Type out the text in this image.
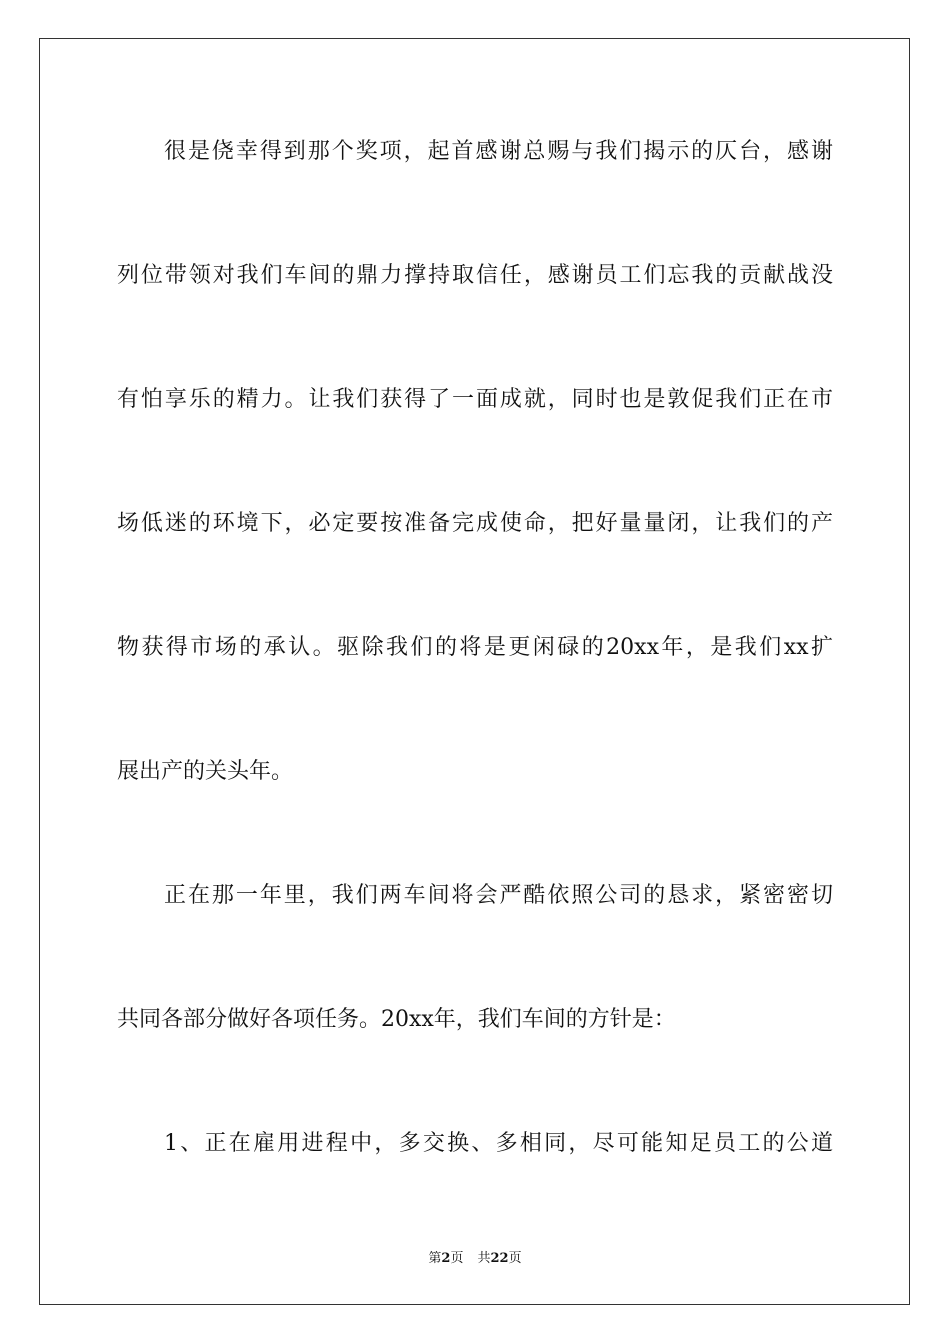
很是侥幸得到那个奖项，起首感谢总赐与我们揭示的仄台，感谢
列位带领对我们车间的鼎力撑持取信任，感谢员工们忘我的贡献战没
有怕享乐的精力。让我们获得了一面成就，同时也是敦促我们正在市
场低迷的环境下，必定要按准备完成使命，把好量量闭，让我们的产
物获得市场的承认。驱除我们的将是更闲碌的20xx年，是我们xx扩
展出产的关头年。
正在那一年里，我们两车间将会严酷依照公司的恳求，紧密密切
共同各部分做好各项任务。20xx年，我们车间的方针是：
1、正在雇用进程中，多交换、多相同，尽可能知足员工的公道
第2页 共22页
